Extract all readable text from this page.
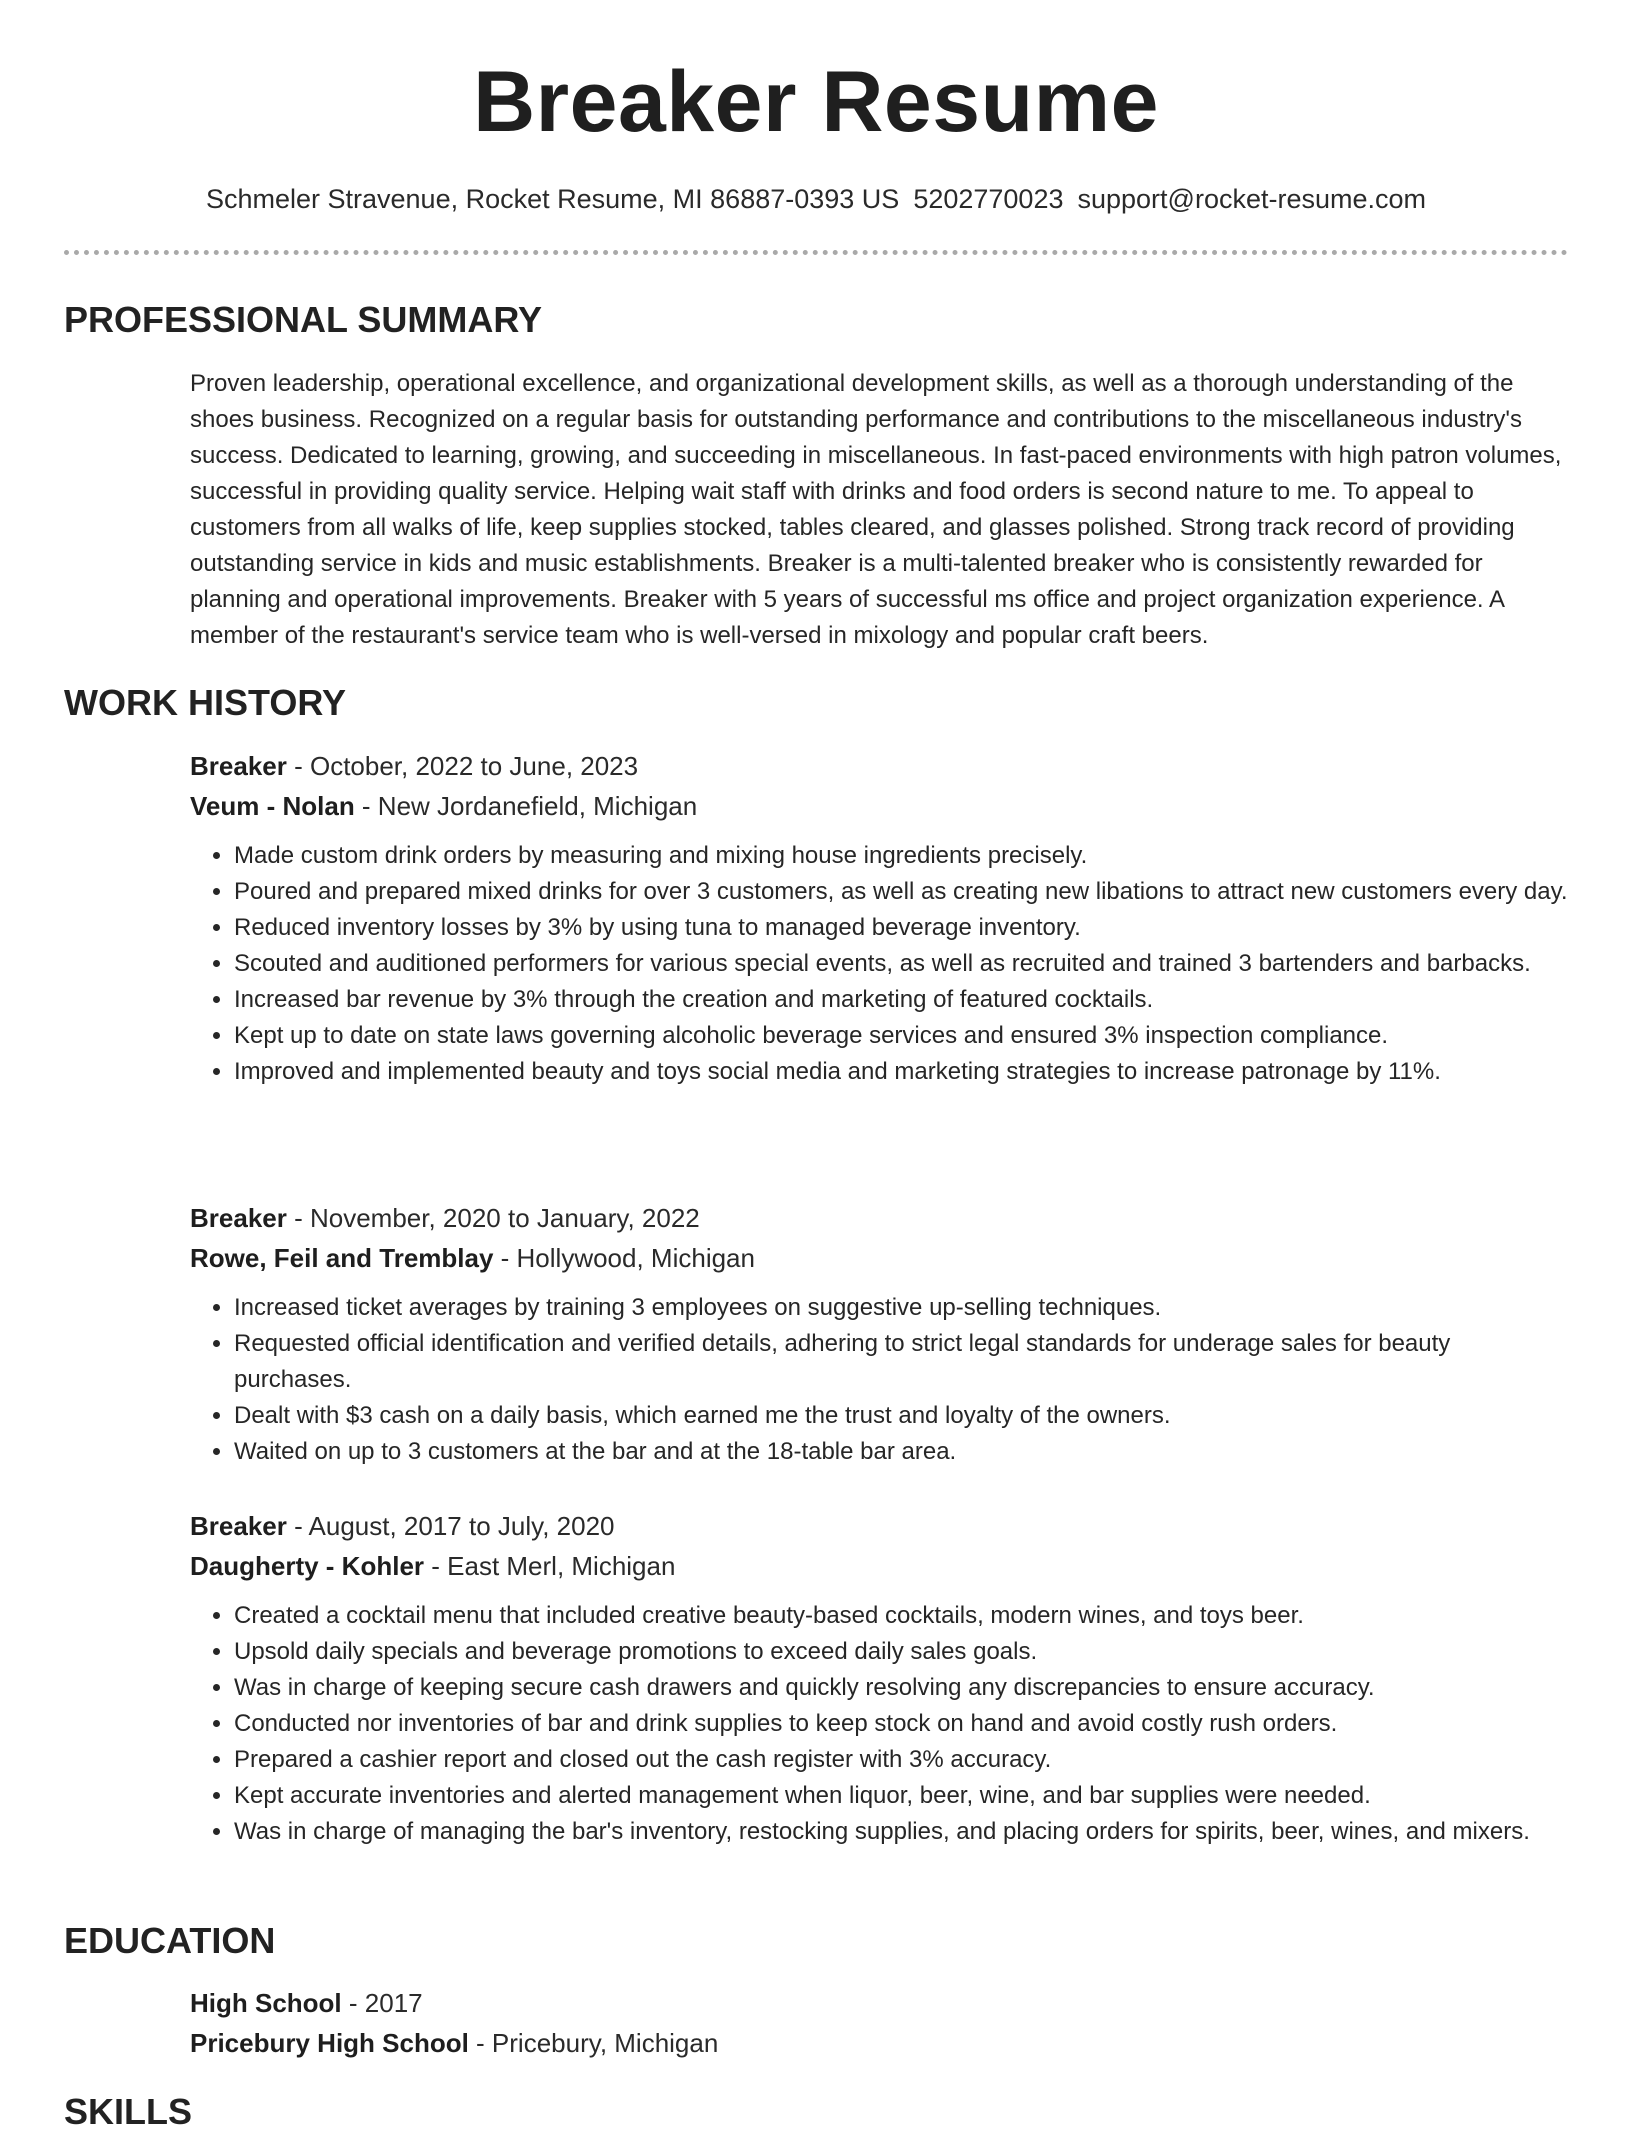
Breaker Resume
Schmeler Stravenue, Rocket Resume, MI 86887-0393 US 5202770023 support@rocket-resume.com
PROFESSIONAL SUMMARY

Proven leadership, operational excellence, and organizational development skills, as well as a thorough understanding of the shoes business. Recognized on a regular basis for outstanding performance and contributions to the miscellaneous industry's success. Dedicated to learning, growing, and succeeding in miscellaneous. In fast-paced environments with high patron volumes, successful in providing quality service. Helping wait staff with drinks and food orders is second nature to me. To appeal to customers from all walks of life, keep supplies stocked, tables cleared, and glasses polished. Strong track record of providing outstanding service in kids and music establishments. Breaker is a multi-talented breaker who is consistently rewarded for planning and operational improvements. Breaker with 5 years of successful ms office and project organization experience. A member of the restaurant's service team who is well-versed in mixology and popular craft beers.

WORK HISTORY

Breaker - October, 2022 to June, 2023

Veum - Nolan - New Jordanefield, Michigan

• Made custom drink orders by measuring and mixing house ingredients precisely.
• Poured and prepared mixed drinks for over 3 customers, as well as creating new libations to attract new customers every day.
• Reduced inventory losses by 3% by using tuna to managed beverage inventory.
• Scouted and auditioned performers for various special events, as well as recruited and trained 3 bartenders and barbacks.
• Increased bar revenue by 3% through the creation and marketing of featured cocktails.
• Kept up to date on state laws governing alcoholic beverage services and ensured 3% inspection compliance.
• Improved and implemented beauty and toys social media and marketing strategies to increase patronage by 11%.

Breaker - November, 2020 to January, 2022

Rowe, Feil and Tremblay - Hollywood, Michigan

• Increased ticket averages by training 3 employees on suggestive up-selling techniques.
• Requested official identification and verified details, adhering to strict legal standards for underage sales for beauty purchases.
• Dealt with $3 cash on a daily basis, which earned me the trust and loyalty of the owners.
• Waited on up to 3 customers at the bar and at the 18-table bar area.

Breaker - August, 2017 to July, 2020

Daugherty - Kohler - East Merl, Michigan

• Created a cocktail menu that included creative beauty-based cocktails, modern wines, and toys beer.
• Upsold daily specials and beverage promotions to exceed daily sales goals.
• Was in charge of keeping secure cash drawers and quickly resolving any discrepancies to ensure accuracy.
• Conducted nor inventories of bar and drink supplies to keep stock on hand and avoid costly rush orders.
• Prepared a cashier report and closed out the cash register with 3% accuracy.
• Kept accurate inventories and alerted management when liquor, beer, wine, and bar supplies were needed.
• Was in charge of managing the bar's inventory, restocking supplies, and placing orders for spirits, beer, wines, and mixers.
EDUCATION

High School - 2017

Pricebury High School - Pricebury, Michigan

SKILLS
